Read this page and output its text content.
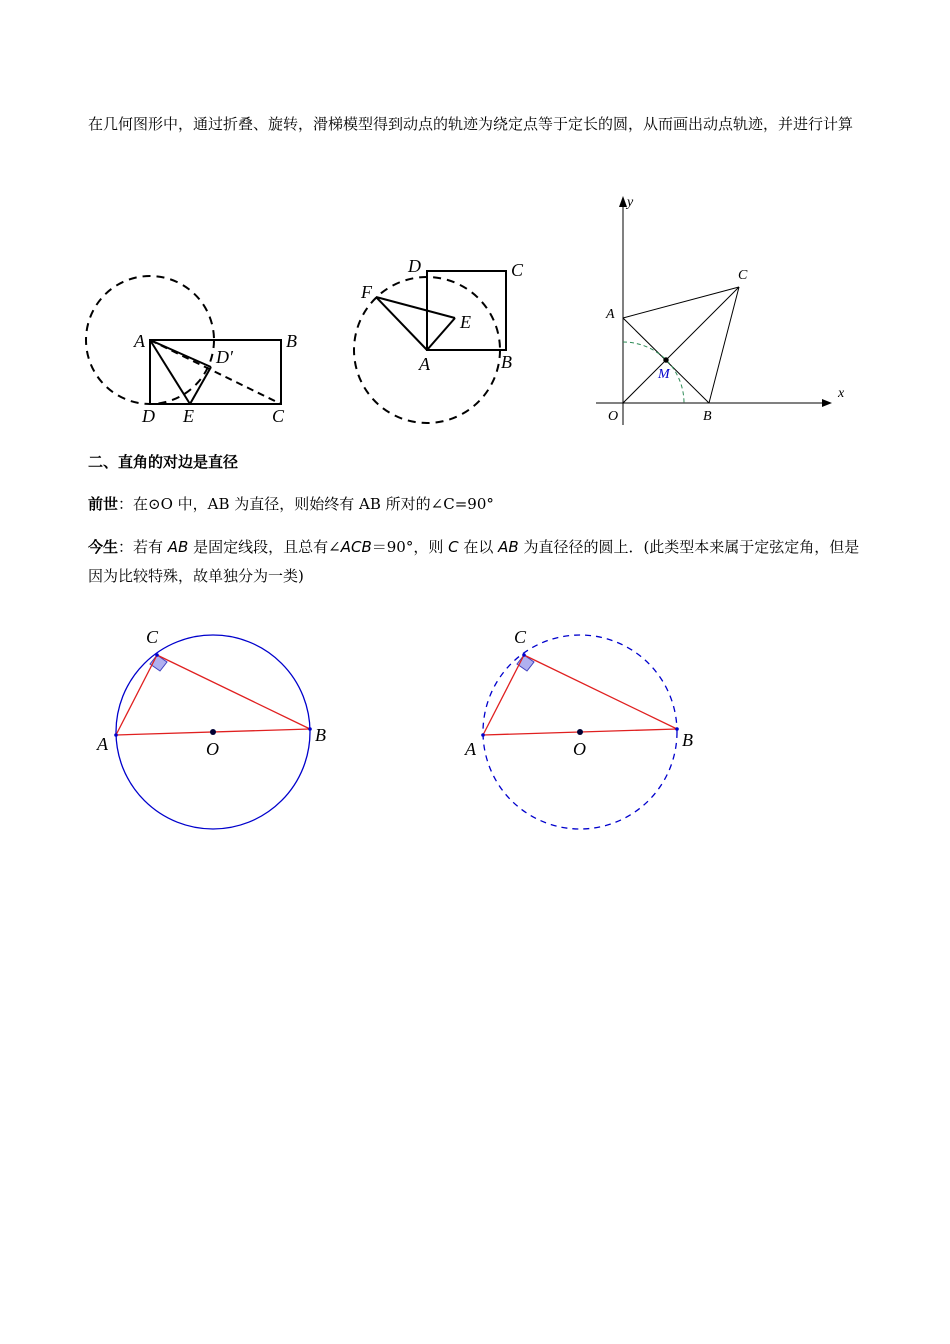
在几何图形中，通过折叠、旋转，滑梯模型得到动点的轨迹为绕定点等于定长的圆，从而画出动点轨迹，并进行计算
A	B
C
D E
D′
D	C
F
E
A	B
y
x
O
A
B
C
M
二、直角的对边是直径
前世：在⊙O 中，AB 为直径，则始终有 AB 所对的∠C=90°
今生：若有 AB 是固定线段，且总有∠ACB＝90°，则 C 在以 AB 为直径径的圆上．(此类型本来属于定弦定角，但是因为比较特殊，故单独分为一类)
A	B
C
O	A	B
C
O
